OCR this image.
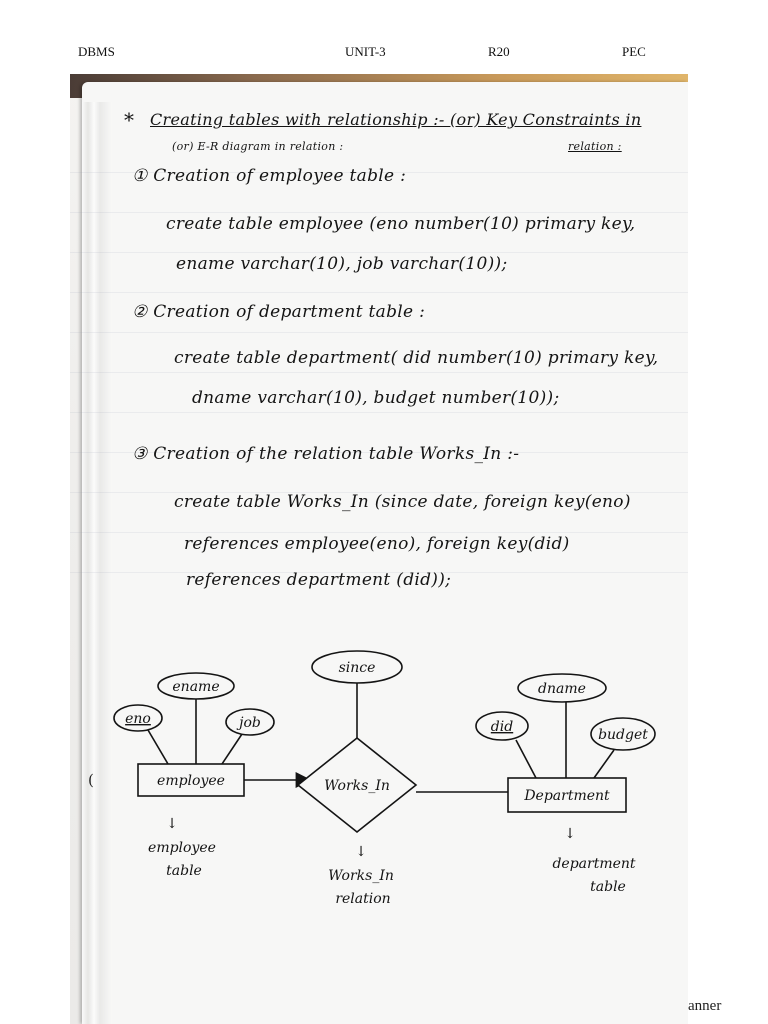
DBMS	UNIT-3	R20	PEC
* Creating tables with relationship :- (or) Key Constraints in
(or) E-R diagram in relation :	relation :
① Creation of employee table :
create table employee (eno number(10) primary key,
ename varchar(10), job varchar(10));
② Creation of department table :
create table department( did number(10) primary key,
dname varchar(10), budget number(10));
③ Creation of the relation table Works_In :-
create table Works_In (since date, foreign key(eno)
references employee(eno), foreign key(did)
references department (did));
(
ename
eno	job
since
dname
did	budget
employee
Department
Works_In
↓
employee
table
↓
Works_In
relation
↓
department
table
anner
